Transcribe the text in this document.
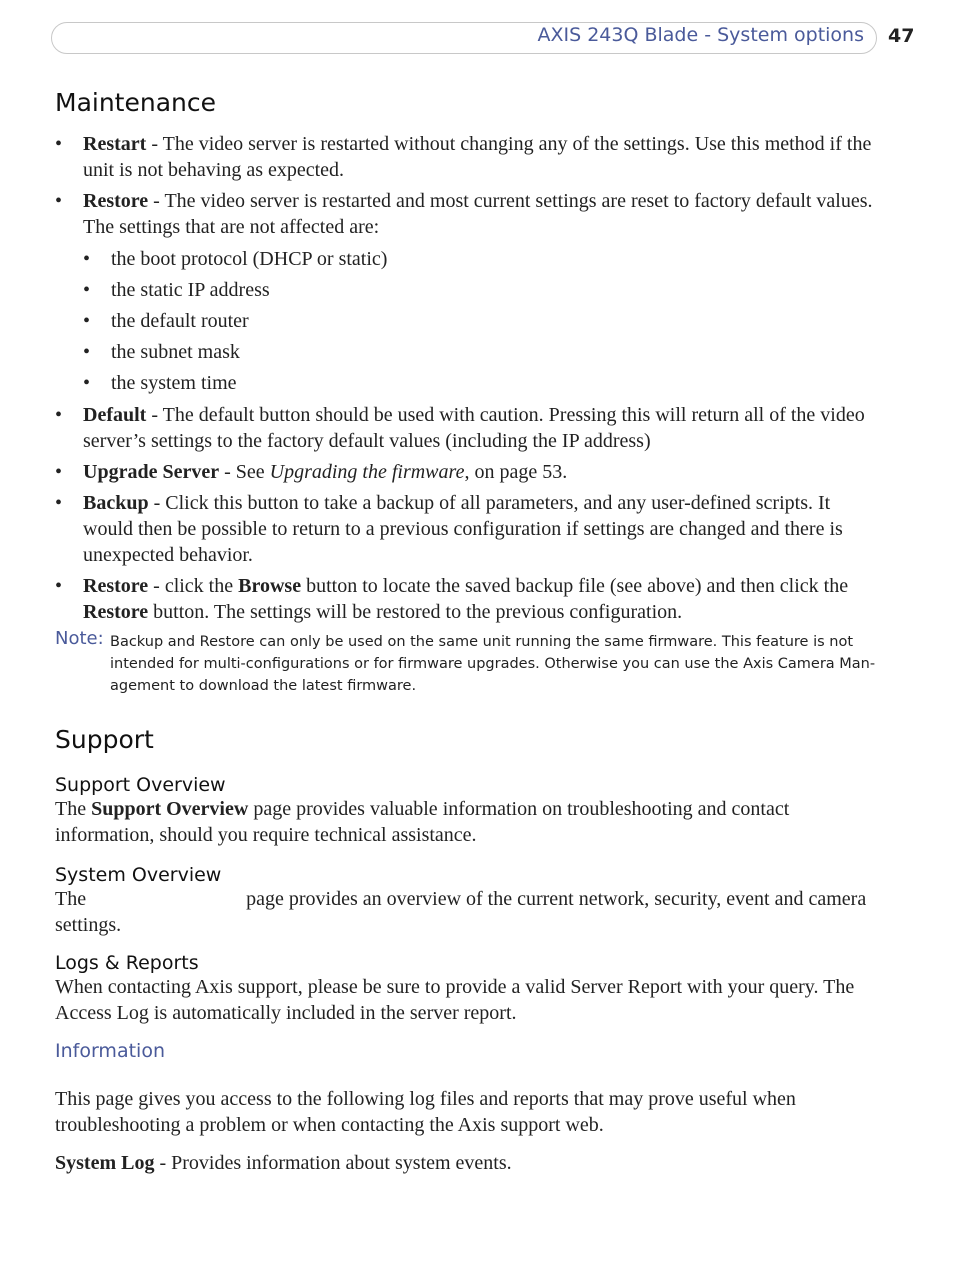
AXIS 243Q Blade - System options 47
Maintenance
• Restart - The video server is restarted without changing any of the settings. Use this method if the unit is not behaving as expected.
• Restore - The video server is restarted and most current settings are reset to factory default values. The settings that are not affected are:
• the boot protocol (DHCP or static)
• the static IP address
• the default router
• the subnet mask
• the system time
• Default - The default button should be used with caution. Pressing this will return all of the video server’s settings to the factory default values (including the IP address)
• Upgrade Server - See Upgrading the firmware, on page 53.
• Backup - Click this button to take a backup of all parameters, and any user-defined scripts. It would then be possible to return to a previous configuration if settings are changed and there is unexpected behavior.
• Restore - click the Browse button to locate the saved backup file (see above) and then click the Restore button. The settings will be restored to the previous configuration.
Note: Backup and Restore can only be used on the same unit running the same firmware. This feature is not intended for multi-configurations or for firmware upgrades. Otherwise you can use the Axis Camera Man-agement to download the latest firmware.
Support
Support Overview

The Support Overview page provides valuable information on troubleshooting and contact information, should you require technical assistance.

System Overview

The                                page provides an overview of the current network, security, event and camera settings.

Logs & Reports

When contacting Axis support, please be sure to provide a valid Server Report with your query. The Access Log is automatically included in the server report.

Information

This page gives you access to the following log files and reports that may prove useful when troubleshooting a problem or when contacting the Axis support web.

System Log - Provides information about system events.
